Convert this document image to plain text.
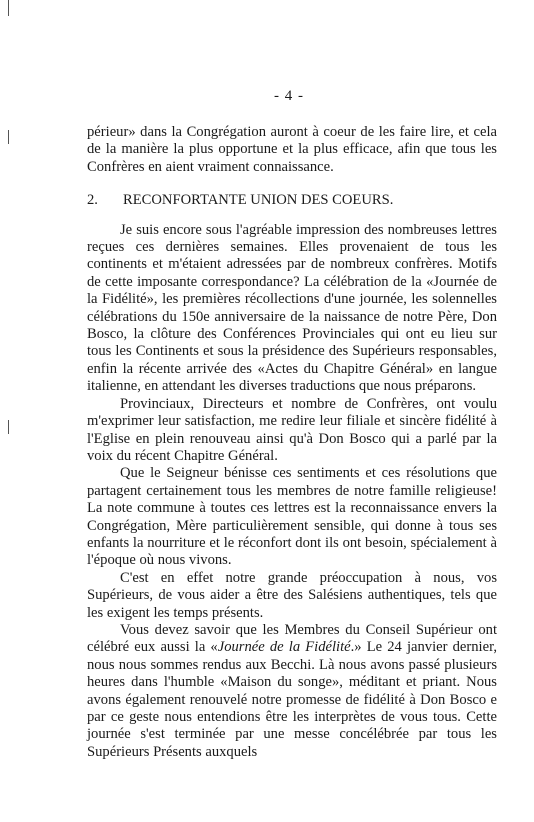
- 4 -

périeur» dans la Congrégation auront à coeur de les faire lire, et cela de la manière la plus opportune et la plus efficace, afin que tous les Confrères en aient vraiment connaissance.

2.	RECONFORTANTE UNION DES COEURS.

Je suis encore sous l'agréable impression des nombreuses lettres reçues ces dernières semaines. Elles provenaient de tous les continents et m'étaient adressées par de nombreux confrères. Motifs de cette imposante correspondance? La célébration de la «Journée de la Fidélité», les premières récollections d'une journée, les solennelles célébrations du 150e anniversaire de la naissance de notre Père, Don Bosco, la clôture des Conférences Provinciales qui ont eu lieu sur tous les Continents et sous la présidence des Supérieurs responsables, enfin la récente arrivée des «Actes du Chapitre Général» en langue italienne, en attendant les diverses traductions que nous préparons.

Provinciaux, Directeurs et nombre de Confrères, ont voulu m'exprimer leur satisfaction, me redire leur filiale et sincère fidélité à l'Eglise en plein renouveau ainsi qu'à Don Bosco qui a parlé par la voix du récent Chapitre Général.

Que le Seigneur bénisse ces sentiments et ces résolutions que partagent certainement tous les membres de notre famille religieuse! La note commune à toutes ces lettres est la reconnaissance envers la Congrégation, Mère particulièrement sensible, qui donne à tous ses enfants la nourriture et le réconfort dont ils ont besoin, spécialement à l'époque où nous vivons.

C'est en effet notre grande préoccupation à nous, vos Supérieurs, de vous aider a être des Salésiens authentiques, tels que les exigent les temps présents.

Vous devez savoir que les Membres du Conseil Supérieur ont célébré eux aussi la «Journée de la Fidélité.» Le 24 janvier dernier, nous nous sommes rendus aux Becchi. Là nous avons passé plusieurs heures dans l'humble «Maison du songe», méditant et priant. Nous avons également renouvelé notre promesse de fidélité à Don Bosco e par ce geste nous entendions être les interprètes de vous tous. Cette journée s'est terminée par une messe concélébrée par tous les Supérieurs Présents auxquels
